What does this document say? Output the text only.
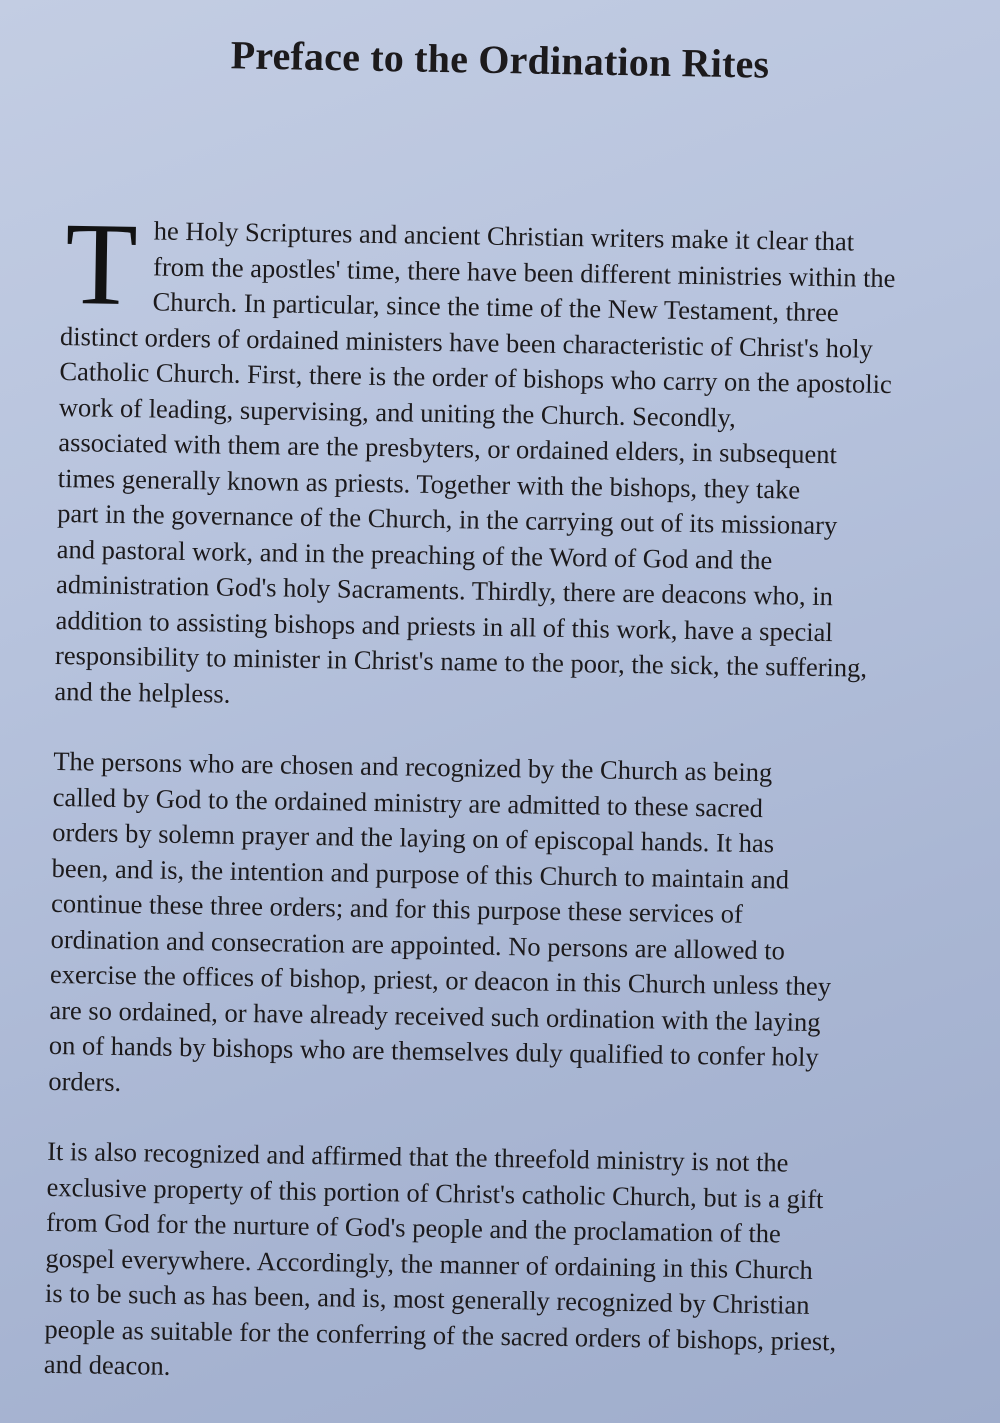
Preface to the Ordination Rites

T he Holy Scriptures and ancient Christian writers make it clear that
from the apostles' time, there have been different ministries within the
Church. In particular, since the time of the New Testament, three
distinct orders of ordained ministers have been characteristic of Christ's holy
Catholic Church. First, there is the order of bishops who carry on the apostolic
work of leading, supervising, and uniting the Church. Secondly,
associated with them are the presbyters, or ordained elders, in subsequent
times generally known as priests. Together with the bishops, they take
part in the governance of the Church, in the carrying out of its missionary
and pastoral work, and in the preaching of the Word of God and the
administration God's holy Sacraments. Thirdly, there are deacons who, in
addition to assisting bishops and priests in all of this work, have a special
responsibility to minister in Christ's name to the poor, the sick, the suffering,
and the helpless.

The persons who are chosen and recognized by the Church as being
called by God to the ordained ministry are admitted to these sacred
orders by solemn prayer and the laying on of episcopal hands. It has
been, and is, the intention and purpose of this Church to maintain and
continue these three orders; and for this purpose these services of
ordination and consecration are appointed. No persons are allowed to
exercise the offices of bishop, priest, or deacon in this Church unless they
are so ordained, or have already received such ordination with the laying
on of hands by bishops who are themselves duly qualified to confer holy
orders.

It is also recognized and affirmed that the threefold ministry is not the
exclusive property of this portion of Christ's catholic Church, but is a gift
from God for the nurture of God's people and the proclamation of the
gospel everywhere. Accordingly, the manner of ordaining in this Church
is to be such as has been, and is, most generally recognized by Christian
people as suitable for the conferring of the sacred orders of bishops, priest,
and deacon.
